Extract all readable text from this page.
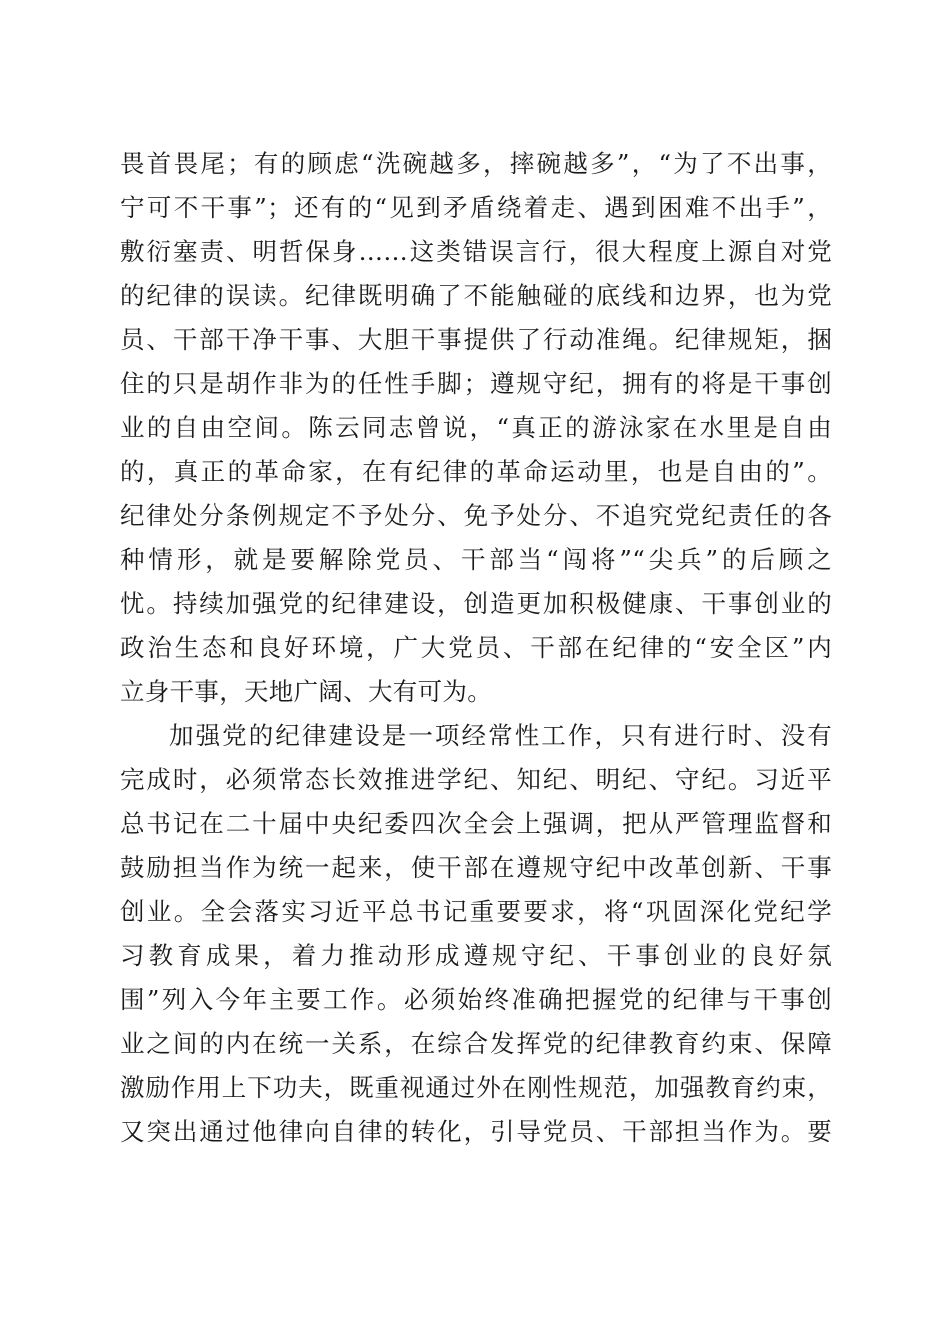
畏首畏尾；有的顾虑“洗碗越多，摔碗越多”，“为了不出事，
宁可不干事”；还有的“见到矛盾绕着走、遇到困难不出手”，
敷衍塞责、明哲保身……这类错误言行，很大程度上源自对党
的纪律的误读。纪律既明确了不能触碰的底线和边界，也为党
员、干部干净干事、大胆干事提供了行动准绳。纪律规矩，捆
住的只是胡作非为的任性手脚；遵规守纪，拥有的将是干事创
业的自由空间。陈云同志曾说，“真正的游泳家在水里是自由
的，真正的革命家，在有纪律的革命运动里，也是自由的”。
纪律处分条例规定不予处分、免予处分、不追究党纪责任的各
种情形，就是要解除党员、干部当“闯将”“尖兵”的后顾之
忧。持续加强党的纪律建设，创造更加积极健康、干事创业的
政治生态和良好环境，广大党员、干部在纪律的“安全区”内
立身干事，天地广阔、大有可为。
加强党的纪律建设是一项经常性工作，只有进行时、没有
完成时，必须常态长效推进学纪、知纪、明纪、守纪。习近平
总书记在二十届中央纪委四次全会上强调，把从严管理监督和
鼓励担当作为统一起来，使干部在遵规守纪中改革创新、干事
创业。全会落实习近平总书记重要要求，将“巩固深化党纪学
习教育成果，着力推动形成遵规守纪、干事创业的良好氛
围”列入今年主要工作。必须始终准确把握党的纪律与干事创
业之间的内在统一关系，在综合发挥党的纪律教育约束、保障
激励作用上下功夫，既重视通过外在刚性规范，加强教育约束，
又突出通过他律向自律的转化，引导党员、干部担当作为。要
